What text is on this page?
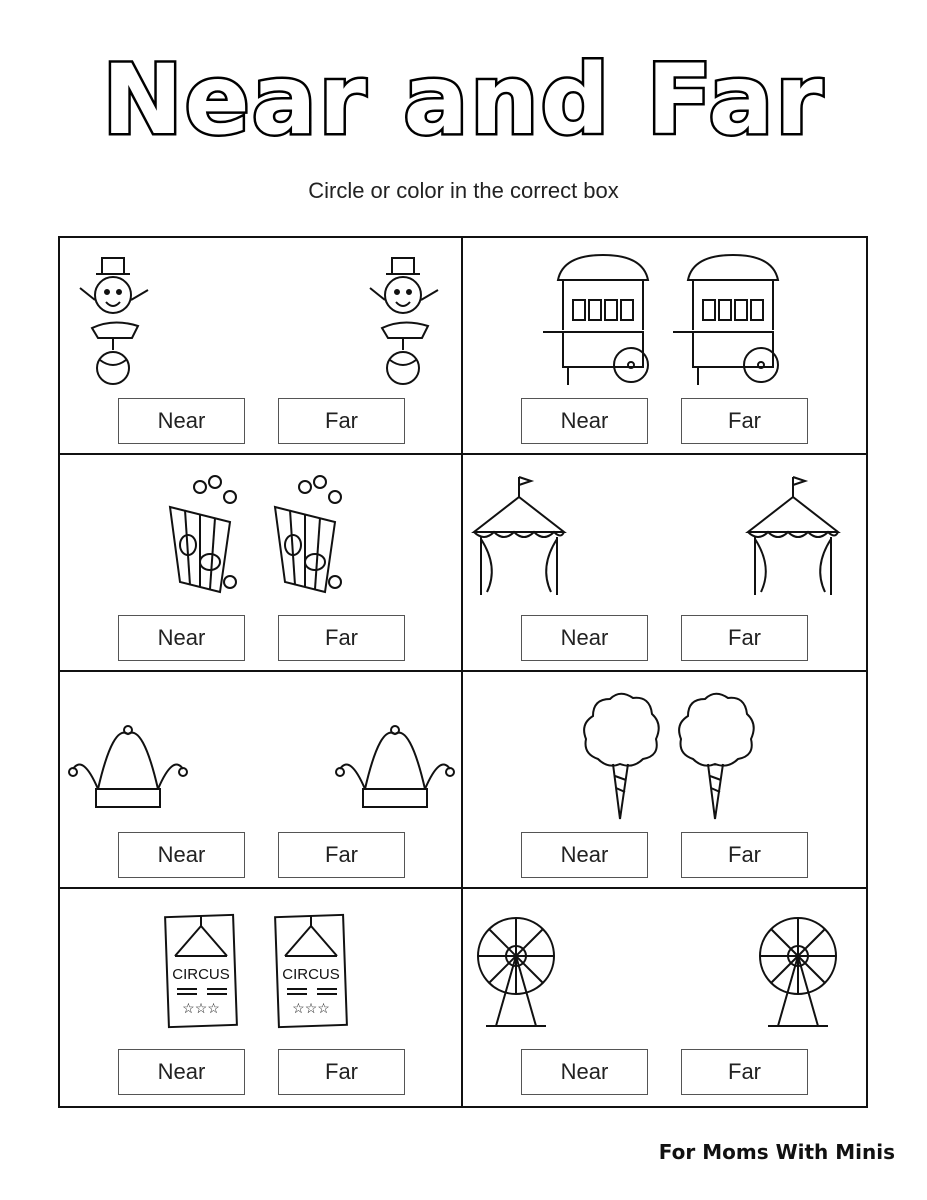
Near and Far
Circle or color in the correct box
Near	Far	Near	Far
Near	Far	Near	Far
Near	Far	Near	Far
CIRCUS
☆☆☆
CIRCUS
☆☆☆
Near	Far	Near	Far
For Moms With Minis
